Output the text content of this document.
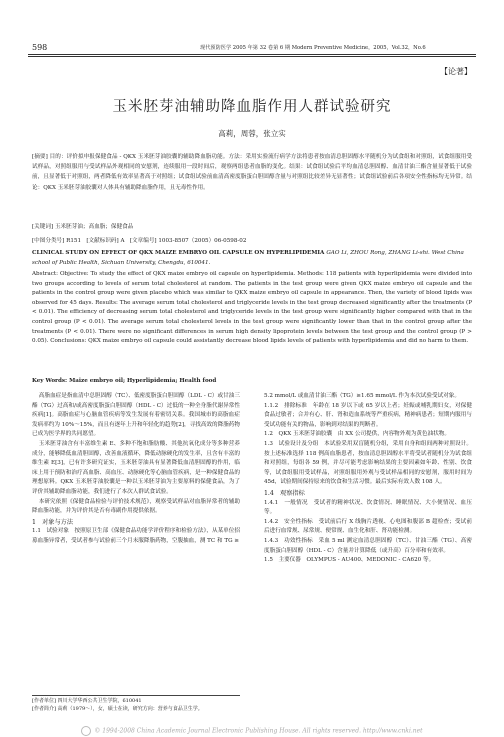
598	现代预防医学 2005 年第 32 卷第 6 期 Modern Preventive Medicine，2005，Vol.32，No.6
【论著】
玉米胚芽油辅助降血脂作用人群试验研究
高莉，周蓉，张立实
[摘要] 目的：评价拟申报保健食品 - QKX 玉米胚芽油胶囊的辅助降血脂功能。方法：采用实验流行病学方法将患者按血清总胆固醇水平随机分为试食组和对照组，试食组服用受试样品，对照组服用与受试样品外观相同的安慰剂，连续服用一段时间后，观察两组患者血脂的变化。结果：试食组试验后平均血清总胆固醇、血清甘油三酯含量显著低于试验前，且显著低于对照组，两者降低有效率显著高于对照组；试食组试验前血清高密度脂蛋白胆固醇含量与对照组比较差异无显著性；试食组试验前后各项安全性指标均无异常。结论：QKX 玉米胚芽油胶囊对人体具有辅助降血脂作用，且无毒性作用。
[关键词] 玉米胚芽油；高血脂；保健食品
[中图分类号] R151 [文献标识码] A [文章编号] 1003-8507（2005）06-0598-02
CLINICAL STUDY ON EFFECT OF QKX MAIZE EMBRYO OIL CAPSULE ON HYPERLIPIDEMIA GAO Li, ZHOU Rong, ZHANG Li-shi. West China school of Public Health, Sichuan University, Chengdu, 610041.
Abstract: Objective: To study the effect of QKX maize embryo oil capsule on hyperlipidemia. Methods: 118 patients with hyperlipidemia were divided into two groups according to levels of serum total cholesterol at random. The patients in the test group were given QKX maize embryo oil capsule and the patients in the control group were given placebo which was similar to QKX maize embryo oil capsule in appearance. Then, the variety of blood lipids was observed for 45 days. Results: The average serum total cholesterol and triglyceride levels in the test group decreased significantly after the treatments (P < 0.01). The efficiency of decreasing serum total cholesterol and triglyceride levels in the test group were significantly higher compared with that in the control group (P < 0.01). The average serum total cholesterol levels in the test group were significantly lower than that in the control group after the treatments (P < 0.01). There were no significant differences in serum high density lipoprotein levels between the test group and the control group (P > 0.05). Conclusions: QKX maize embryo oil capsule could assistantly decrease blood lipids levels of patients with hyperlipidemia and did no harm to them.
Key Words: Maize embryo oil; Hyperlipidemia; Health food

高脂血症是指血清中总胆固醇（TC）、低密度脂蛋白胆固醇（LDL - C）或甘油三酯（TG）过高和/或高密度脂蛋白胆固醇（HDL - C）过低的一种全身脂代谢异常性疾病[1]。高脂血症与心脑血管疾病等发生发展有着密切关系。我国城市的高脂血症发病率约为 10%～15%，而且有逐年上升和年轻化的趋势[2]，寻找高效的降脂药物已成为医学界的共同愿望。

玉米胚芽油含有丰富维生素 E、多种不饱和脂肪酸、其他抗氧化成分等多种营养成分，能够降低血清胆固醇，改善血液循环，降低动脉硬化的发生率，且含有丰富的维生素 E[3]，已有许多研究证实，玉米胚芽油具有显著降低血清胆固醇的作用，临床上用于预防和治疗高血脂、高血压、动脉硬化等心脑血管疾病，是一种保健食品的理想原料。QKX 玉米胚芽油胶囊是一种以玉米胚芽油为主要原料的保健食品，为了评价其辅助降血脂功能，我们进行了本次人群试食试验。

本研究依照《保健食品检验与评价技术规范》，观察受试样品对血脂异常者的辅助降血脂功能，并为评价其是否有毒副作用提供依据。

1　对象与方法

1.1　试验对象　按照原卫生部《保健食品功能学评价程序和检验方法》，从某单位招募血脂异常者，受试者参与试验前三个月未服降脂药物，空腹抽血，测 TC 和 TG ≥

[作者单位] 四川大学华西公共卫生学院，610041
[作者简介] 高莉（1979～），女，硕士在读，研究方向：营养与食品卫生学。

5.2 mmol/L 或血清甘油三酯（TG）≥1.65 mmol/L 作为本次试验受试对象。

1.1.2　排除标准　年龄在 18 岁以下或 65 岁以上者；妊娠或哺乳期妇女，对保健食品过敏者；合并有心、肝、肾和造血系统等严重疾病，精神病患者；短期内服用与受试功能有关的物品，影响到对结果的判断者。

1.2　QKX 玉米胚芽油胶囊　由 XX 公司提供，内容物外观为黄色油状物。

1.3　试验设计及分组　本试验采用双盲随机分组，采用自身和组间两种对照设计。按上述标准选择 118 例高血脂患者，按血清总胆固醇水平将受试者随机分为试食组和对照组，每组各 59 例，并尽可能考虑影响结果的主要因素如年龄、性别、饮食等，试食组服用受试样品，对照组服用外观与受试样品相同的安慰剂，服用时间为 45d，试验期间保持原来的饮食和生活习惯。最后实际有效人数 108 人。

1.4　观察指标

1.4.1　一般情况　受试者的精神状况、饮食情况、睡眠情况、大小便情况、血压等。

1.4.2　安全性指标　受试前后行 X 线胸片透视、心电图和腹部 B 超检查；受试前后进行血常规、尿常规、便常规、血生化和肝、肾功能检测。

1.4.3　功效性指标　采血 5 ml 测定血清总胆固醇（TC）、甘油三酯（TG）、高密度脂蛋白胆固醇（HDL - C）含量并计算降低（或升高）百分率和有效率。

1.5　主要仪器　OLYMPUS - AU400、MEDONIC - CA620 等。

© 1994-2008 China Academic Journal Electronic Publishing House. All rights reserved. http://www.cnki.net
